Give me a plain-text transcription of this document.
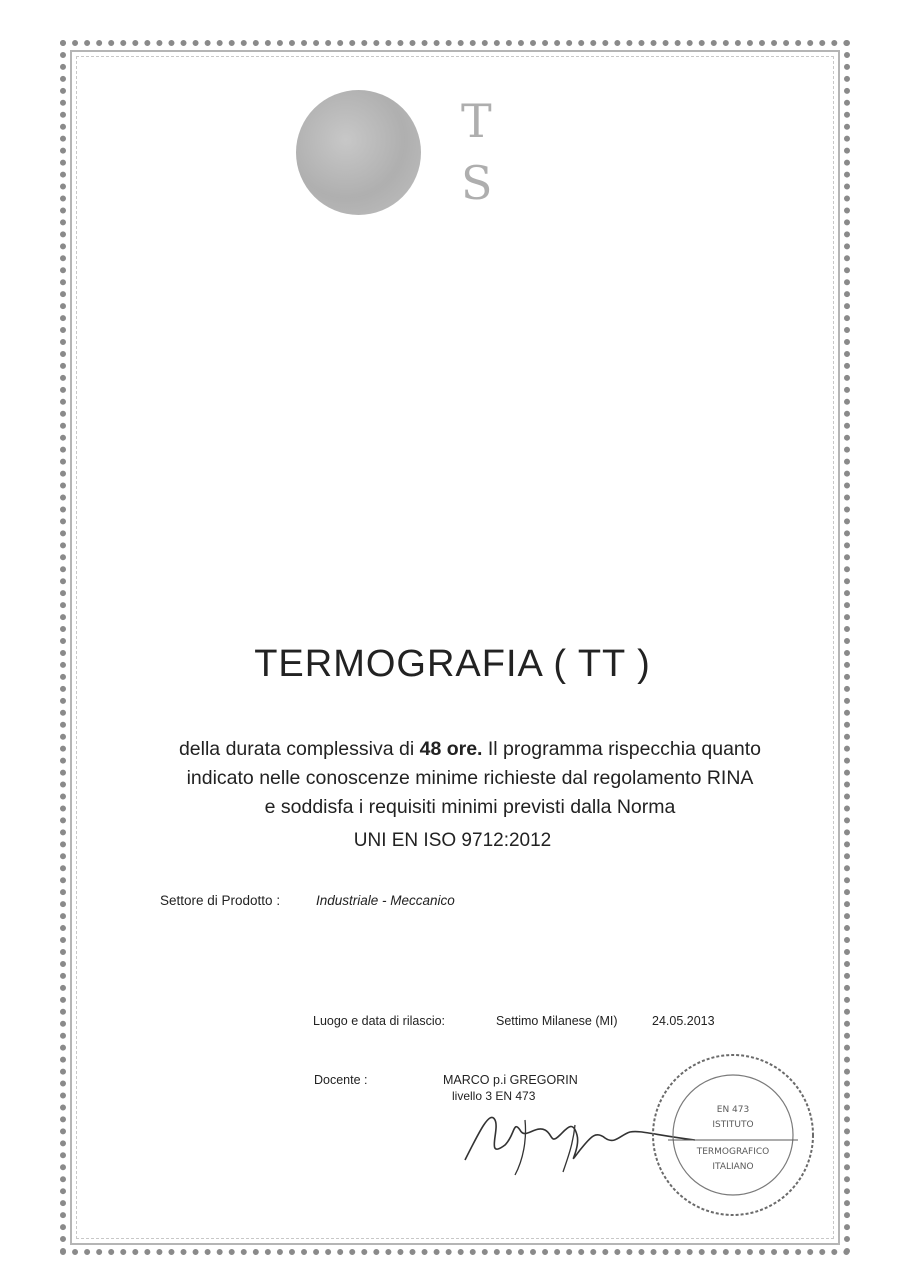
T
S
TERMOGRAFIA ( TT )
della durata complessiva di 48 ore. Il programma rispecchia quanto
indicato nelle conoscenze minime richieste dal regolamento RINA
e soddisfa i requisiti minimi previsti dalla Norma
UNI EN ISO 9712:2012
Settore di Prodotto :	Industriale - Meccanico
Luogo e data di rilascio:	Settimo Milanese (MI)	24.05.2013
Docente :	MARCO p.i GREGORIN
livello 3 EN 473
EN 473
ISTITUTO
TERMOGRAFICO
ITALIANO
